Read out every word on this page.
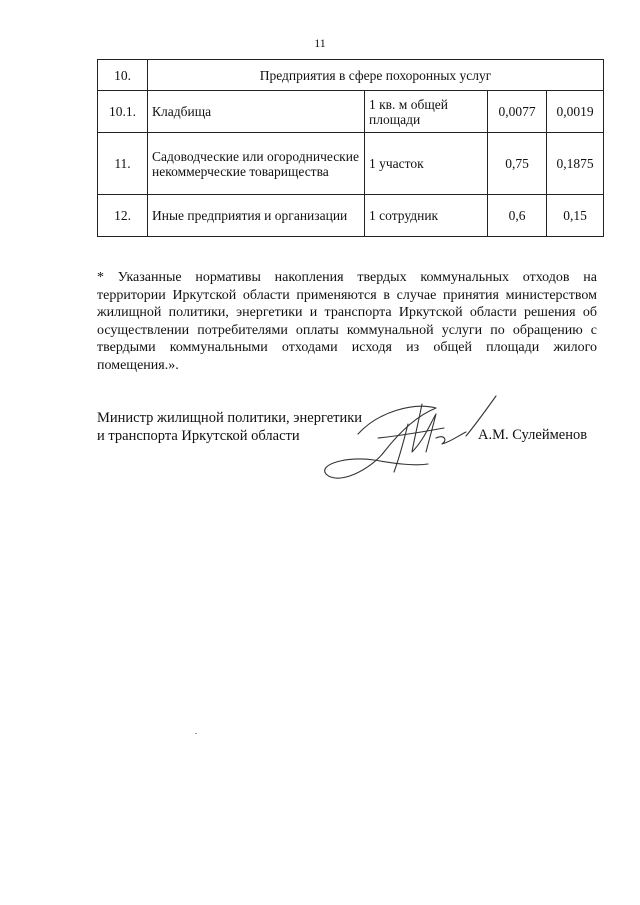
11
10.	Предприятия в сфере похоронных услуг			
10.1.	Кладбища	1 кв. м общей площади	0,0077	0,0019
11.	Садоводческие или огороднические некоммерческие товарищества	1 участок	0,75	0,1875
12.	Иные предприятия и организации	1 сотрудник	0,6	0,15
* Указанные нормативы накопления твердых коммунальных отходов на территории Иркутской области применяются в случае принятия министерством жилищной политики, энергетики и транспорта Иркутской области решения об осуществлении потребителями оплаты коммунальной услуги по обращению с твердыми коммунальными отходами исходя из общей площади жилого помещения.».
Министр жилищной политики, энергетики
и транспорта Иркутской области	А.М. Сулейменов
